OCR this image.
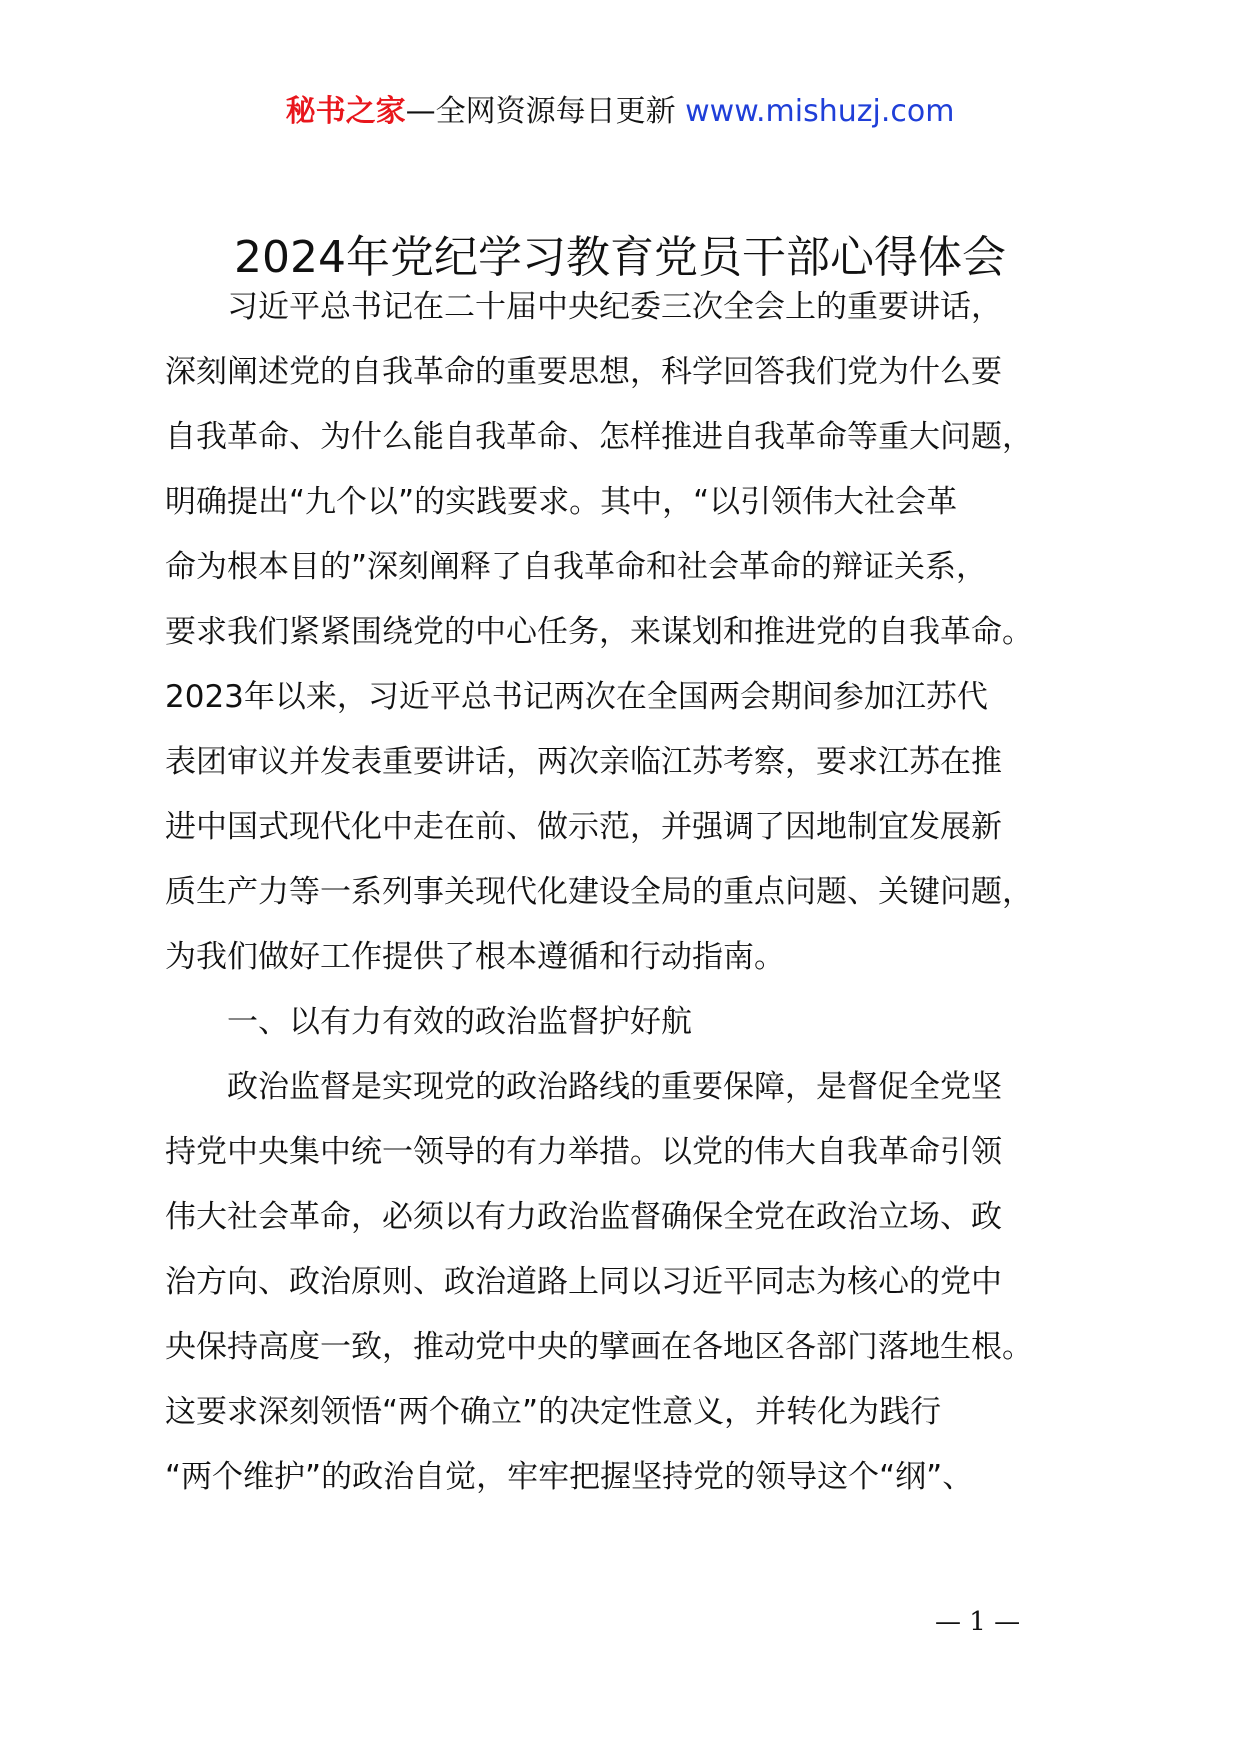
秘书之家—全网资源每日更新 www.mishuzj.com
2024年党纪学习教育党员干部心得体会
　　习近平总书记在二十届中央纪委三次全会上的重要讲话，
深刻阐述党的自我革命的重要思想，科学回答我们党为什么要
自我革命、为什么能自我革命、怎样推进自我革命等重大问题，
明确提出“九个以”的实践要求。其中，“以引领伟大社会革
命为根本目的”深刻阐释了自我革命和社会革命的辩证关系，
要求我们紧紧围绕党的中心任务，来谋划和推进党的自我革命。
2023年以来，习近平总书记两次在全国两会期间参加江苏代
表团审议并发表重要讲话，两次亲临江苏考察，要求江苏在推
进中国式现代化中走在前、做示范，并强调了因地制宜发展新
质生产力等一系列事关现代化建设全局的重点问题、关键问题，
为我们做好工作提供了根本遵循和行动指南。
　　一、以有力有效的政治监督护好航
　　政治监督是实现党的政治路线的重要保障，是督促全党坚
持党中央集中统一领导的有力举措。以党的伟大自我革命引领
伟大社会革命，必须以有力政治监督确保全党在政治立场、政
治方向、政治原则、政治道路上同以习近平同志为核心的党中
央保持高度一致，推动党中央的擘画在各地区各部门落地生根。
这要求深刻领悟“两个确立”的决定性意义，并转化为践行
“两个维护”的政治自觉，牢牢把握坚持党的领导这个“纲”、
— 1 —
